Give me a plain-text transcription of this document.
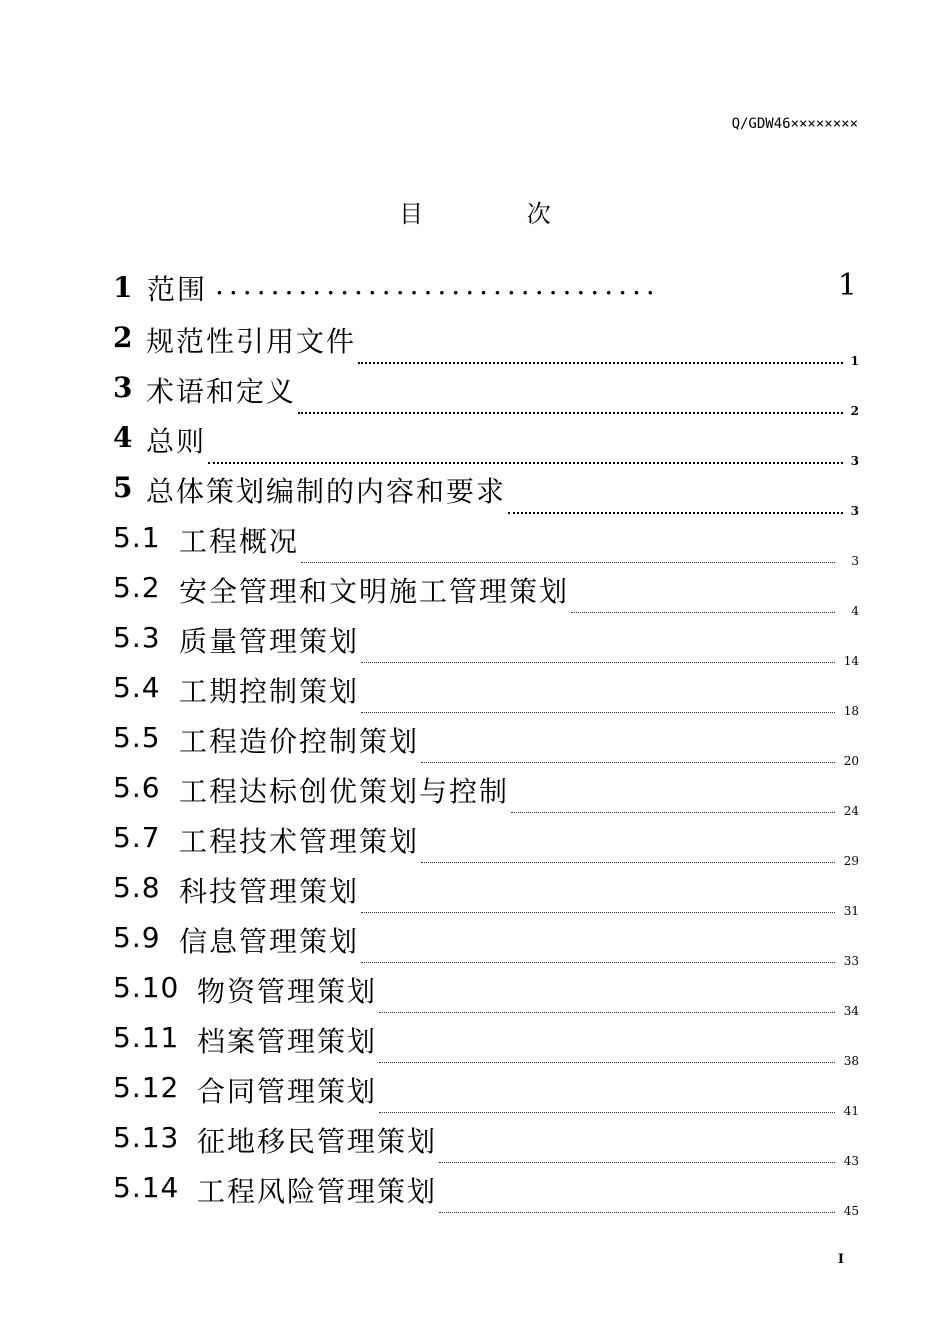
Q/GDW46××××××××
目 次
1 范围 ................................	1
2 规范性引用文件
1
3 术语和定义
2
4 总则
3
5 总体策划编制的内容和要求
3
5.1 工程概况
3
5.2 安全管理和文明施工管理策划
4
5.3 质量管理策划
14
5.4 工期控制策划
18
5.5 工程造价控制策划
20
5.6 工程达标创优策划与控制
24
5.7 工程技术管理策划
29
5.8 科技管理策划
31
5.9 信息管理策划
33
5.10 物资管理策划
34
5.11 档案管理策划
38
5.12 合同管理策划
41
5.13 征地移民管理策划
43
5.14 工程风险管理策划
45
I
